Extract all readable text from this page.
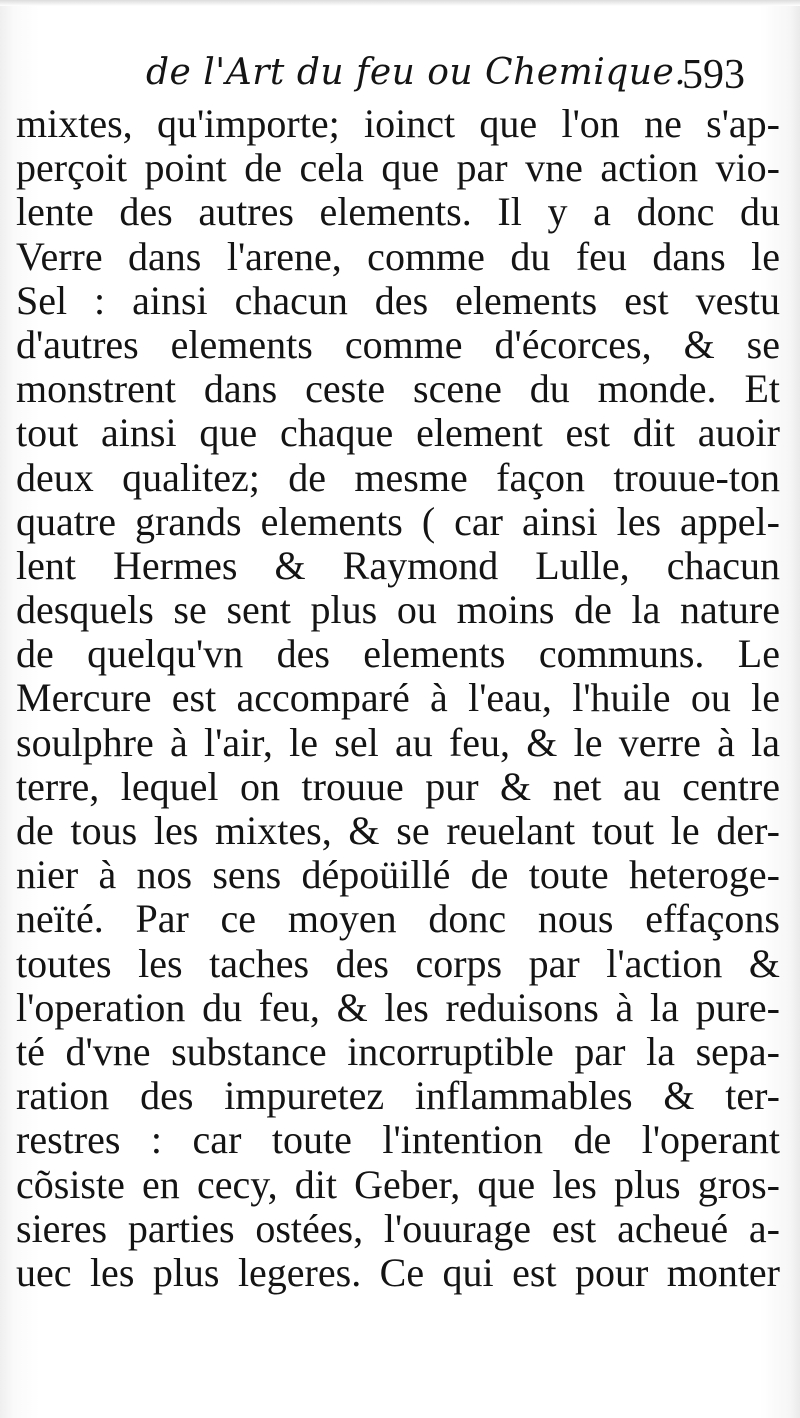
de l'Art du feu ou Chemique.
593
mixtes, qu'importe; ioinct que l'on ne s'ap-
perçoit point de cela que par vne action vio-
lente des autres elements. Il y a donc du
Verre dans l'arene, comme du feu dans le
Sel : ainsi chacun des elements est vestu
d'autres elements comme d'écorces, & se
monstrent dans ceste scene du monde. Et
tout ainsi que chaque element est dit auoir
deux qualitez; de mesme façon trouue-ton
quatre grands elements ( car ainsi les appel-
lent Hermes & Raymond Lulle, chacun
desquels se sent plus ou moins de la nature
de quelqu'vn des elements communs. Le
Mercure est accomparé à l'eau, l'huile ou le
soulphre à l'air, le sel au feu, & le verre à la
terre, lequel on trouue pur & net au centre
de tous les mixtes, & se reuelant tout le der-
nier à nos sens dépoüillé de toute heteroge-
neïté. Par ce moyen donc nous effaçons
toutes les taches des corps par l'action &
l'operation du feu, & les reduisons à la pure-
té d'vne substance incorruptible par la sepa-
ration des impuretez inflammables & ter-
restres : car toute l'intention de l'operant
cõsiste en cecy, dit Geber, que les plus gros-
sieres parties ostées, l'ouurage est acheué a-
uec les plus legeres. Ce qui est pour monter
